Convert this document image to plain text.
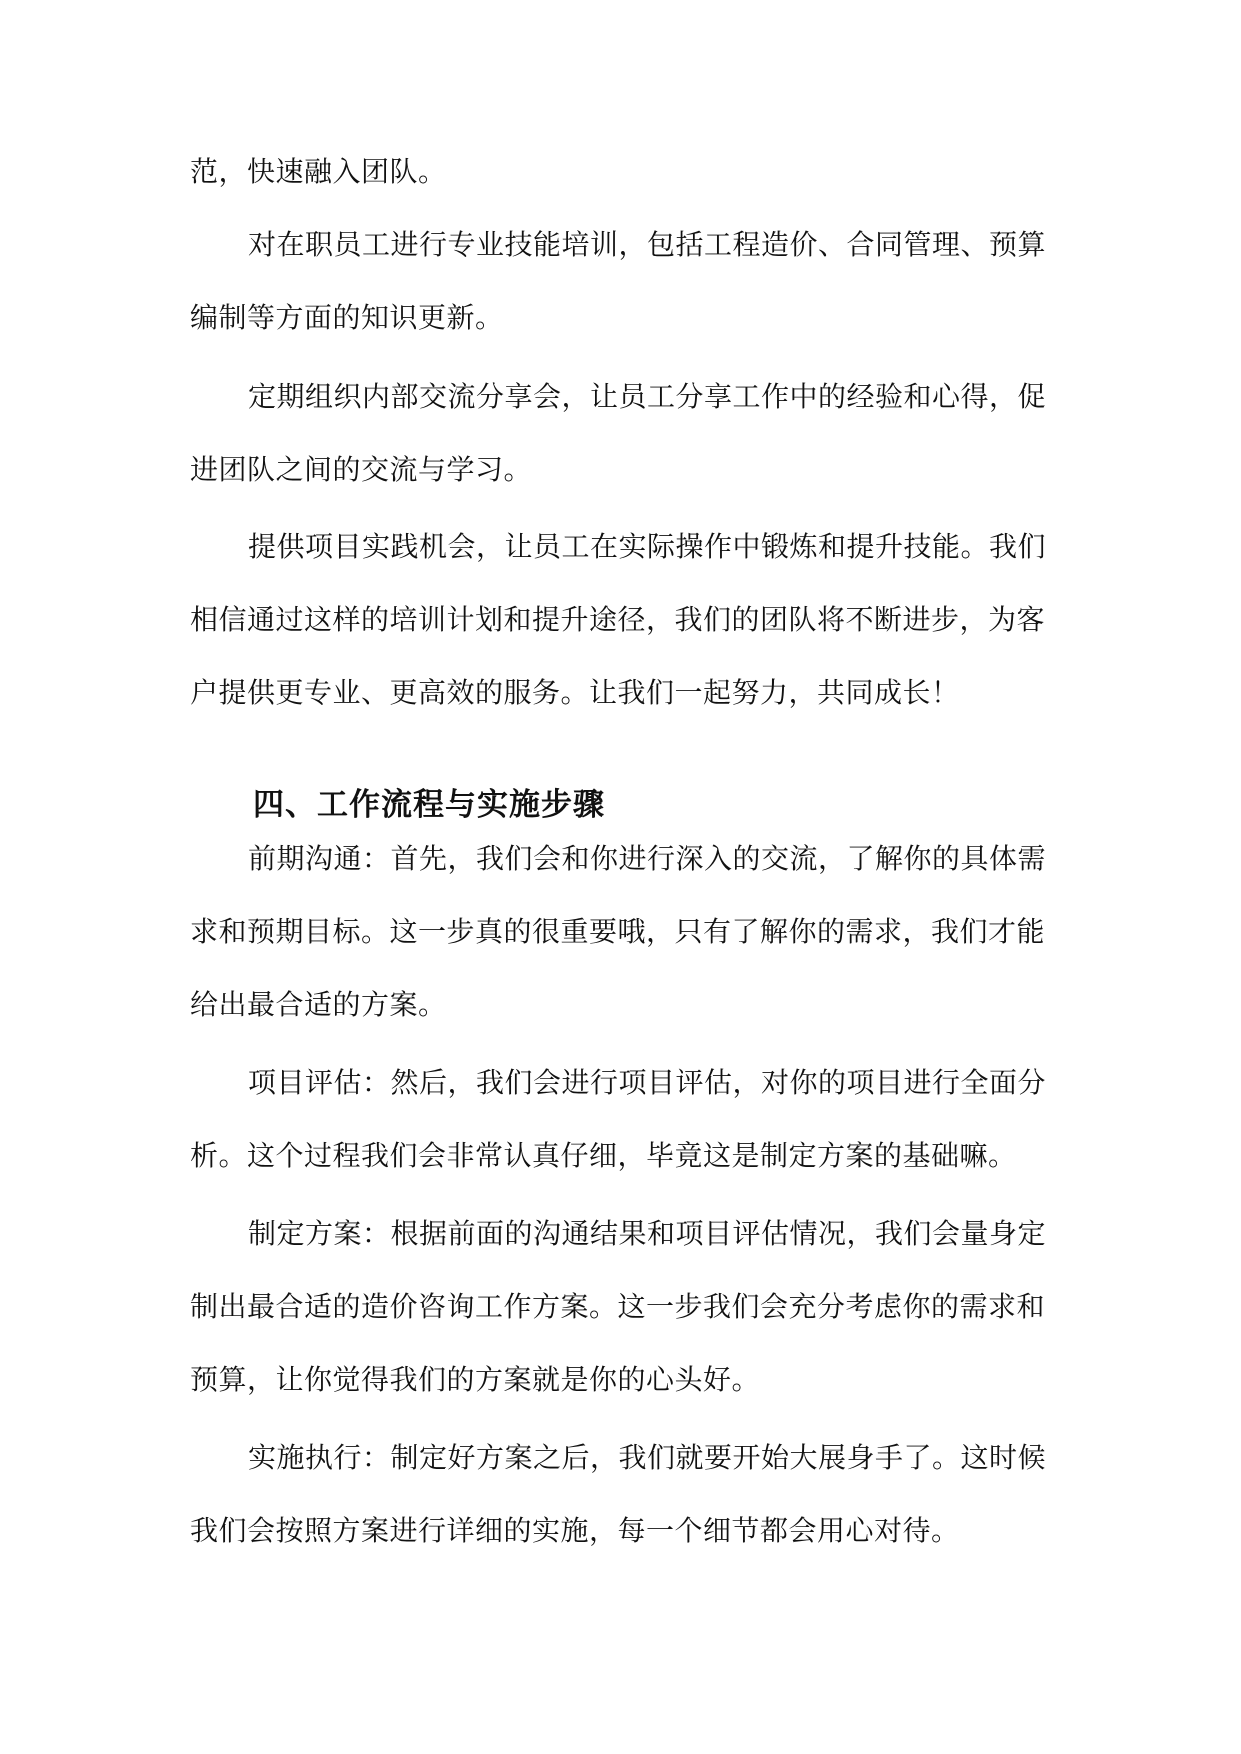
范，快速融入团队。
对在职员工进行专业技能培训，包括工程造价、合同管理、预算
编制等方面的知识更新。
定期组织内部交流分享会，让员工分享工作中的经验和心得，促
进团队之间的交流与学习。
提供项目实践机会，让员工在实际操作中锻炼和提升技能。我们
相信通过这样的培训计划和提升途径，我们的团队将不断进步，为客
户提供更专业、更高效的服务。让我们一起努力，共同成长！
四、工作流程与实施步骤
前期沟通：首先，我们会和你进行深入的交流，了解你的具体需
求和预期目标。这一步真的很重要哦，只有了解你的需求，我们才能
给出最合适的方案。
项目评估：然后，我们会进行项目评估，对你的项目进行全面分
析。这个过程我们会非常认真仔细，毕竟这是制定方案的基础嘛。
制定方案：根据前面的沟通结果和项目评估情况，我们会量身定
制出最合适的造价咨询工作方案。这一步我们会充分考虑你的需求和
预算，让你觉得我们的方案就是你的心头好。
实施执行：制定好方案之后，我们就要开始大展身手了。这时候
我们会按照方案进行详细的实施，每一个细节都会用心对待。
